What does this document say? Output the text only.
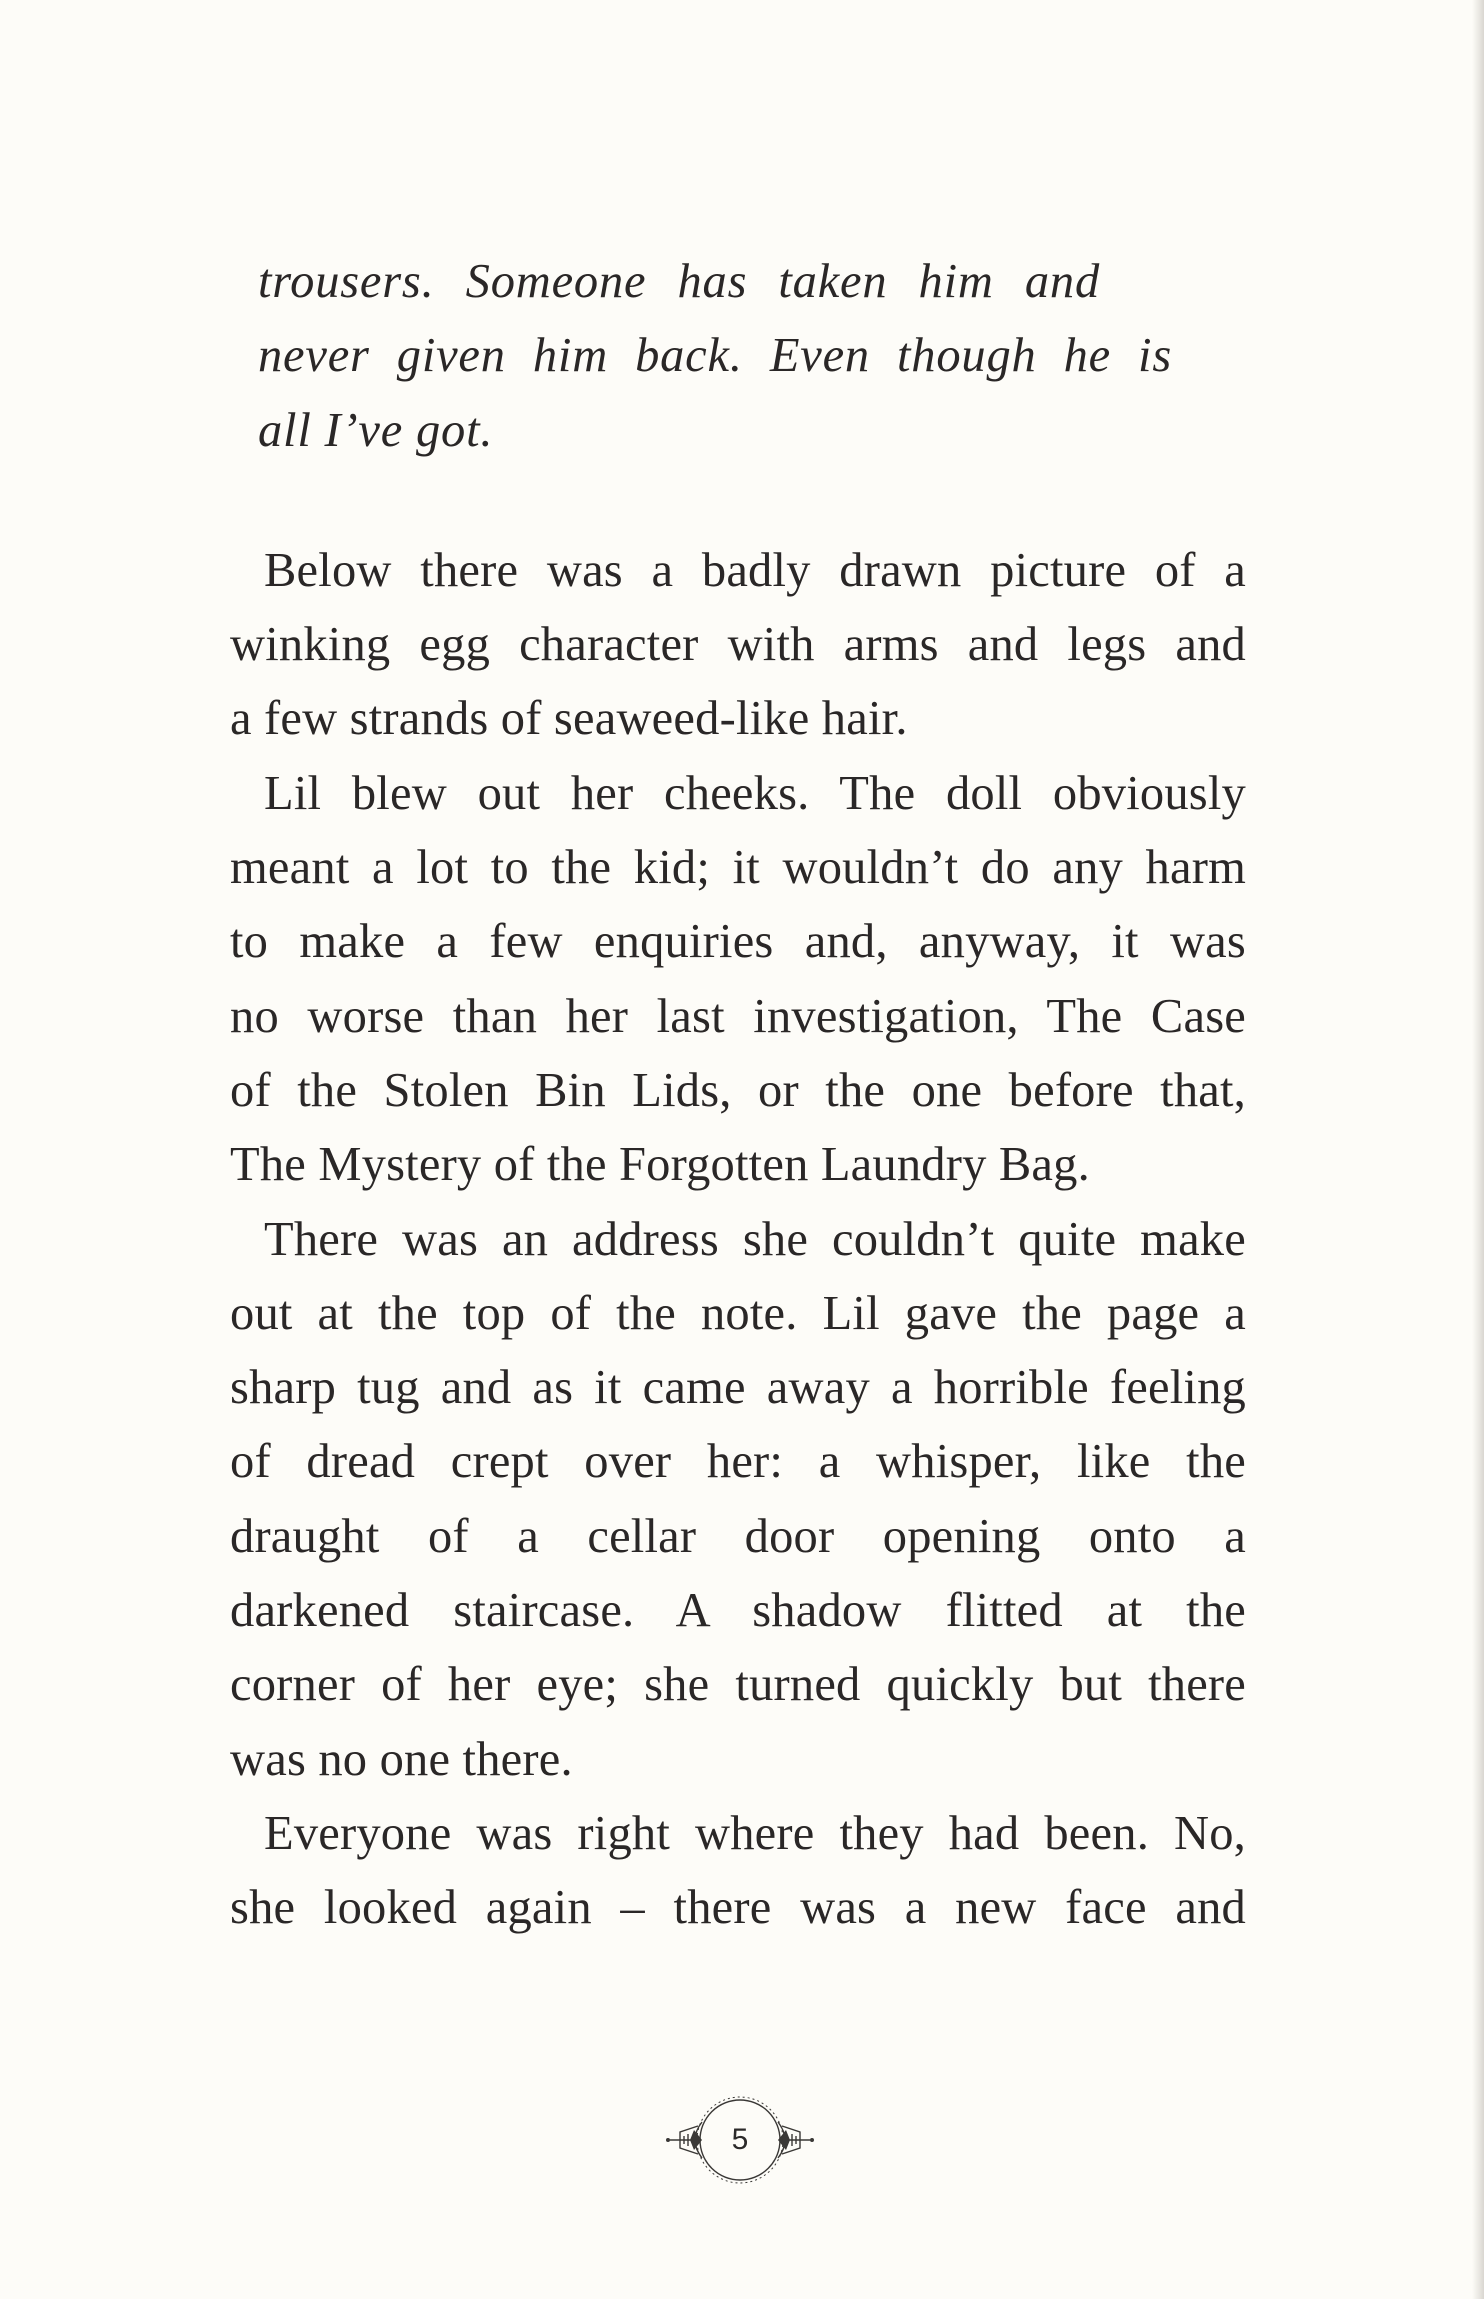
trousers. Someone has taken him and
never given him back. Even though he is
all I’ve got.
Below there was a badly drawn picture of a
winking egg character with arms and legs and
a few strands of seaweed-like hair.
Lil blew out her cheeks. The doll obviously
meant a lot to the kid; it wouldn’t do any harm
to make a few enquiries and, anyway, it was
no worse than her last investigation, The Case
of the Stolen Bin Lids, or the one before that,
The Mystery of the Forgotten Laundry Bag.
There was an address she couldn’t quite make
out at the top of the note. Lil gave the page a
sharp tug and as it came away a horrible feeling
of dread crept over her: a whisper, like the
draught of a cellar door opening onto a
darkened staircase. A shadow flitted at the
corner of her eye; she turned quickly but there
was no one there.
Everyone was right where they had been. No,
she looked again – there was a new face and
5
